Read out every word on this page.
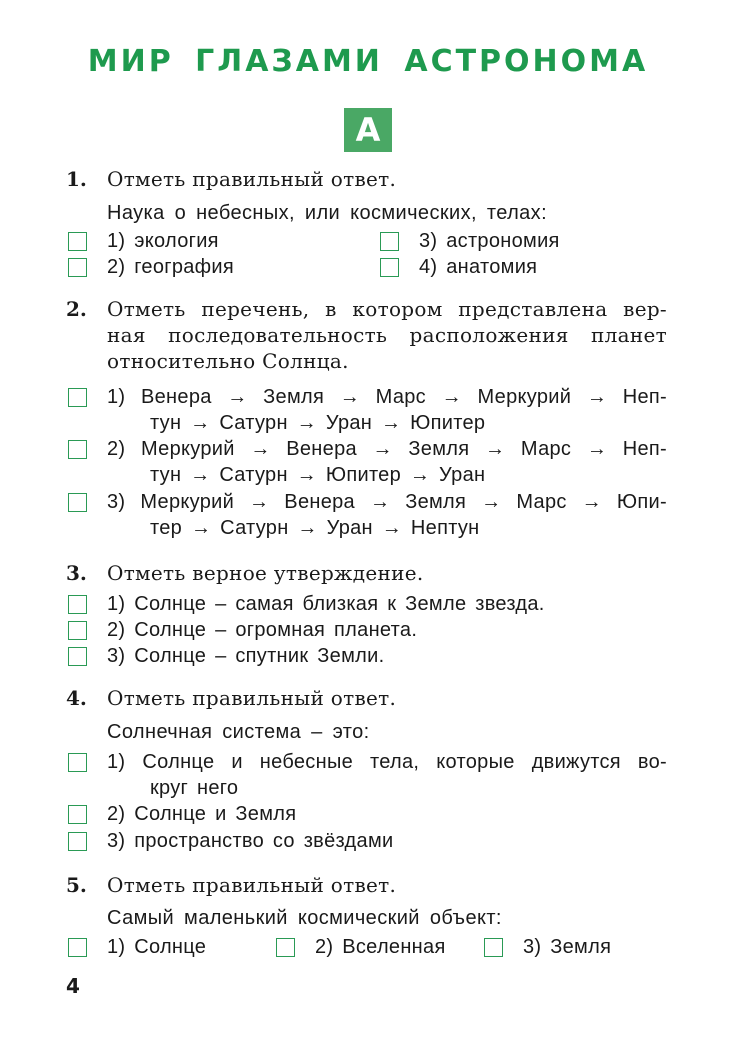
МИР ГЛАЗАМИ АСТРОНОМА
А
1. Отметь правильный ответ.
Наука о небесных, или космических, телах:
1) экология	3) астрономия
2) география	4) анатомия
2. Отметь перечень, в котором представлена вер-
ная последовательность расположения планет
относительно Солнца.
1) Венера → Земля → Марс → Меркурий → Неп-
тун → Сатурн → Уран → Юпитер
2) Меркурий → Венера → Земля → Марс → Неп-
тун → Сатурн → Юпитер → Уран
3) Меркурий → Венера → Земля → Марс → Юпи-
тер → Сатурн → Уран → Нептун
3. Отметь верное утверждение.
1) Солнце – самая близкая к Земле звезда.
2) Солнце – огромная планета.
3) Солнце – спутник Земли.
4. Отметь правильный ответ.
Солнечная система – это:
1) Солнце и небесные тела, которые движутся во-
круг него
2) Солнце и Земля
3) пространство со звёздами
5. Отметь правильный ответ.
Самый маленький космический объект:
1) Солнце	2) Вселенная	3) Земля
4
